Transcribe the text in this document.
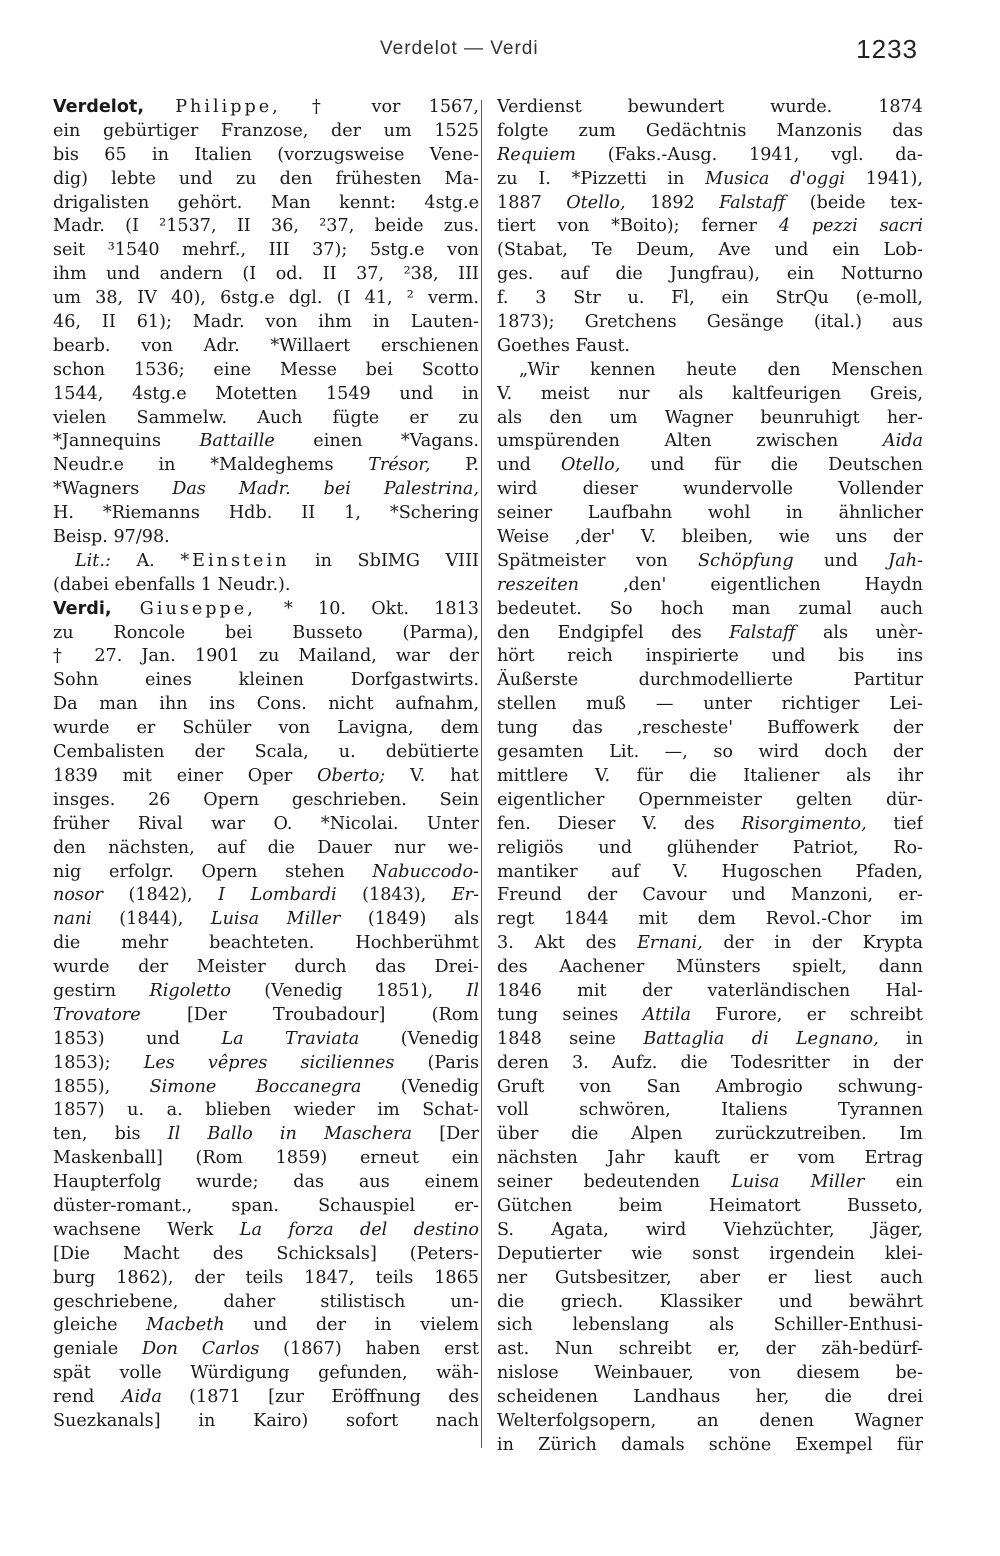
Verdelot — Verdi	1233
Verdelot, Philippe, † vor 1567,
ein gebürtiger Franzose, der um 1525
bis 65 in Italien (vorzugsweise Vene-
dig) lebte und zu den frühesten Ma-
drigalisten gehört. Man kennt: 4stg.e
Madr. (I ²1537, II 36, ²37, beide zus.
seit ³1540 mehrf., III 37); 5stg.e von
ihm und andern (I od. II 37, ²38, III
um 38, IV 40), 6stg.e dgl. (I 41, ² verm.
46, II 61); Madr. von ihm in Lauten-
bearb. von Adr. *Willaert erschienen
schon 1536; eine Messe bei Scotto
1544, 4stg.e Motetten 1549 und in
vielen Sammelw. Auch fügte er zu
*Jannequins Battaille einen *Vagans.
Neudr.e in *Maldeghems Trésor, P.
*Wagners Das Madr. bei Palestrina,
H. *Riemanns Hdb. II 1, *Schering
Beisp. 97/98.
Lit.: A. *Einstein in SbIMG VIII
(dabei ebenfalls 1 Neudr.).
Verdi, Giuseppe, * 10. Okt. 1813
zu Roncole bei Busseto (Parma),
† 27. Jan. 1901 zu Mailand, war der
Sohn eines kleinen Dorfgastwirts.
Da man ihn ins Cons. nicht aufnahm,
wurde er Schüler von Lavigna, dem
Cembalisten der Scala, u. debütierte
1839 mit einer Oper Oberto; V. hat
insges. 26 Opern geschrieben. Sein
früher Rival war O. *Nicolai. Unter
den nächsten, auf die Dauer nur we-
nig erfolgr. Opern stehen Nabuccodo-
nosor (1842), I Lombardi (1843), Er-
nani (1844), Luisa Miller (1849) als
die mehr beachteten. Hochberühmt
wurde der Meister durch das Drei-
gestirn Rigoletto (Venedig 1851), Il
Trovatore [Der Troubadour] (Rom
1853) und La Traviata (Venedig
1853); Les vêpres siciliennes (Paris
1855), Simone Boccanegra (Venedig
1857) u. a. blieben wieder im Schat-
ten, bis Il Ballo in Maschera [Der
Maskenball] (Rom 1859) erneut ein
Haupterfolg wurde; das aus einem
düster-romant., span. Schauspiel er-
wachsene Werk La forza del destino
[Die Macht des Schicksals] (Peters-
burg 1862), der teils 1847, teils 1865
geschriebene, daher stilistisch un-
gleiche Macbeth und der in vielem
geniale Don Carlos (1867) haben erst
spät volle Würdigung gefunden, wäh-
rend Aida (1871 [zur Eröffnung des
Suezkanals] in Kairo) sofort nach
Verdienst bewundert wurde. 1874
folgte zum Gedächtnis Manzonis das
Requiem (Faks.-Ausg. 1941, vgl. da-
zu I. *Pizzetti in Musica d'oggi 1941),
1887 Otello, 1892 Falstaff (beide tex-
tiert von *Boito); ferner 4 pezzi sacri
(Stabat, Te Deum, Ave und ein Lob-
ges. auf die Jungfrau), ein Notturno
f. 3 Str u. Fl, ein StrQu (e-moll,
1873); Gretchens Gesänge (ital.) aus
Goethes Faust.
„Wir kennen heute den Menschen
V. meist nur als kaltfeurigen Greis,
als den um Wagner beunruhigt her-
umspürenden Alten zwischen Aida
und Otello, und für die Deutschen
wird dieser wundervolle Vollender
seiner Laufbahn wohl in ähnlicher
Weise ‚der' V. bleiben, wie uns der
Spätmeister von Schöpfung und Jah-
reszeiten ‚den' eigentlichen Haydn
bedeutet. So hoch man zumal auch
den Endgipfel des Falstaff als unèr-
hört reich inspirierte und bis ins
Äußerste durchmodellierte Partitur
stellen muß — unter richtiger Lei-
tung das ‚rescheste' Buffowerk der
gesamten Lit. —, so wird doch der
mittlere V. für die Italiener als ihr
eigentlicher Opernmeister gelten dür-
fen. Dieser V. des Risorgimento, tief
religiös und glühender Patriot, Ro-
mantiker auf V. Hugoschen Pfaden,
Freund der Cavour und Manzoni, er-
regt 1844 mit dem Revol.-Chor im
3. Akt des Ernani, der in der Krypta
des Aachener Münsters spielt, dann
1846 mit der vaterländischen Hal-
tung seines Attila Furore, er schreibt
1848 seine Battaglia di Legnano, in
deren 3. Aufz. die Todesritter in der
Gruft von San Ambrogio schwung-
voll schwören, Italiens Tyrannen
über die Alpen zurückzutreiben. Im
nächsten Jahr kauft er vom Ertrag
seiner bedeutenden Luisa Miller ein
Gütchen beim Heimatort Busseto,
S. Agata, wird Viehzüchter, Jäger,
Deputierter wie sonst irgendein klei-
ner Gutsbesitzer, aber er liest auch
die griech. Klassiker und bewährt
sich lebenslang als Schiller-Enthusi-
ast. Nun schreibt er, der zäh-bedürf-
nislose Weinbauer, von diesem be-
scheidenen Landhaus her, die drei
Welterfolgsopern, an denen Wagner
in Zürich damals schöne Exempel für
